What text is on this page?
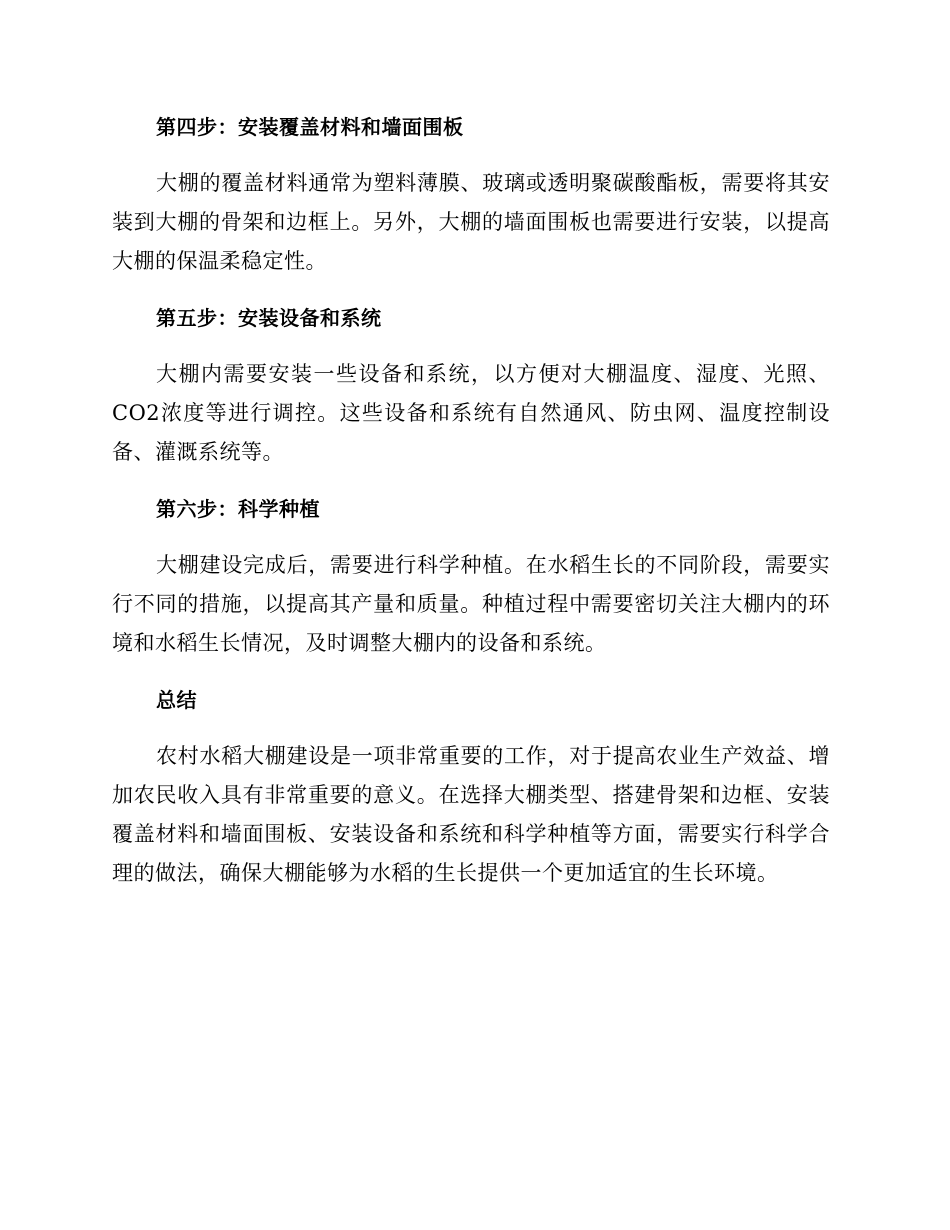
第四步：安装覆盖材料和墙面围板

大棚的覆盖材料通常为塑料薄膜、玻璃或透明聚碳酸酯板，需要将其安装到大棚的骨架和边框上。另外，大棚的墙面围板也需要进行安装，以提高大棚的保温柔稳定性。

第五步：安装设备和系统

大棚内需要安装一些设备和系统，以方便对大棚温度、湿度、光照、CO2浓度等进行调控。这些设备和系统有自然通风、防虫网、温度控制设备、灌溉系统等。

第六步：科学种植

大棚建设完成后，需要进行科学种植。在水稻生长的不同阶段，需要实行不同的措施，以提高其产量和质量。种植过程中需要密切关注大棚内的环境和水稻生长情况，及时调整大棚内的设备和系统。

总结

农村水稻大棚建设是一项非常重要的工作，对于提高农业生产效益、增加农民收入具有非常重要的意义。在选择大棚类型、搭建骨架和边框、安装覆盖材料和墙面围板、安装设备和系统和科学种植等方面，需要实行科学合理的做法，确保大棚能够为水稻的生长提供一个更加适宜的生长环境。
